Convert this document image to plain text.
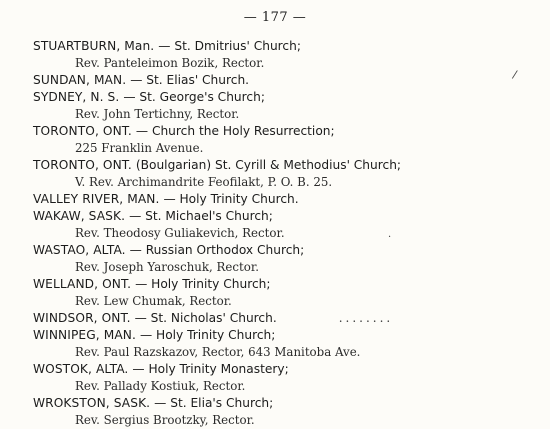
— 177 —
STUARTBURN, Man. — St. Dmitrius' Church;
Rev. Panteleimon Bozik, Rector.
SUNDAN, MAN. — St. Elias' Church.
SYDNEY, N. S. — St. George's Church;
Rev. John Tertichny, Rector.
TORONTO, ONT. — Church the Holy Resurrection;
225 Franklin Avenue.
TORONTO, ONT. (Boulgarian) St. Cyrill & Methodius' Church;
V. Rev. Archimandrite Feofilakt, P. O. B. 25.
VALLEY RIVER, MAN. — Holy Trinity Church.
WAKAW, SASK. — St. Michael's Church;
Rev. Theodosy Guliakevich, Rector.
WASTAO, ALTA. — Russian Orthodox Church;
Rev. Joseph Yaroschuk, Rector.
WELLAND, ONT. — Holy Trinity Church;
Rev. Lew Chumak, Rector.
WINDSOR, ONT. — St. Nicholas' Church.	........
WINNIPEG, MAN. — Holy Trinity Church;
Rev. Paul Razskazov, Rector, 643 Manitoba Ave.
WOSTOK, ALTA. — Holy Trinity Monastery;
Rev. Pallady Kostiuk, Rector.
WROKSTON, SASK. — St. Elia's Church;
Rev. Sergius Brootzky, Rector.
/
·
